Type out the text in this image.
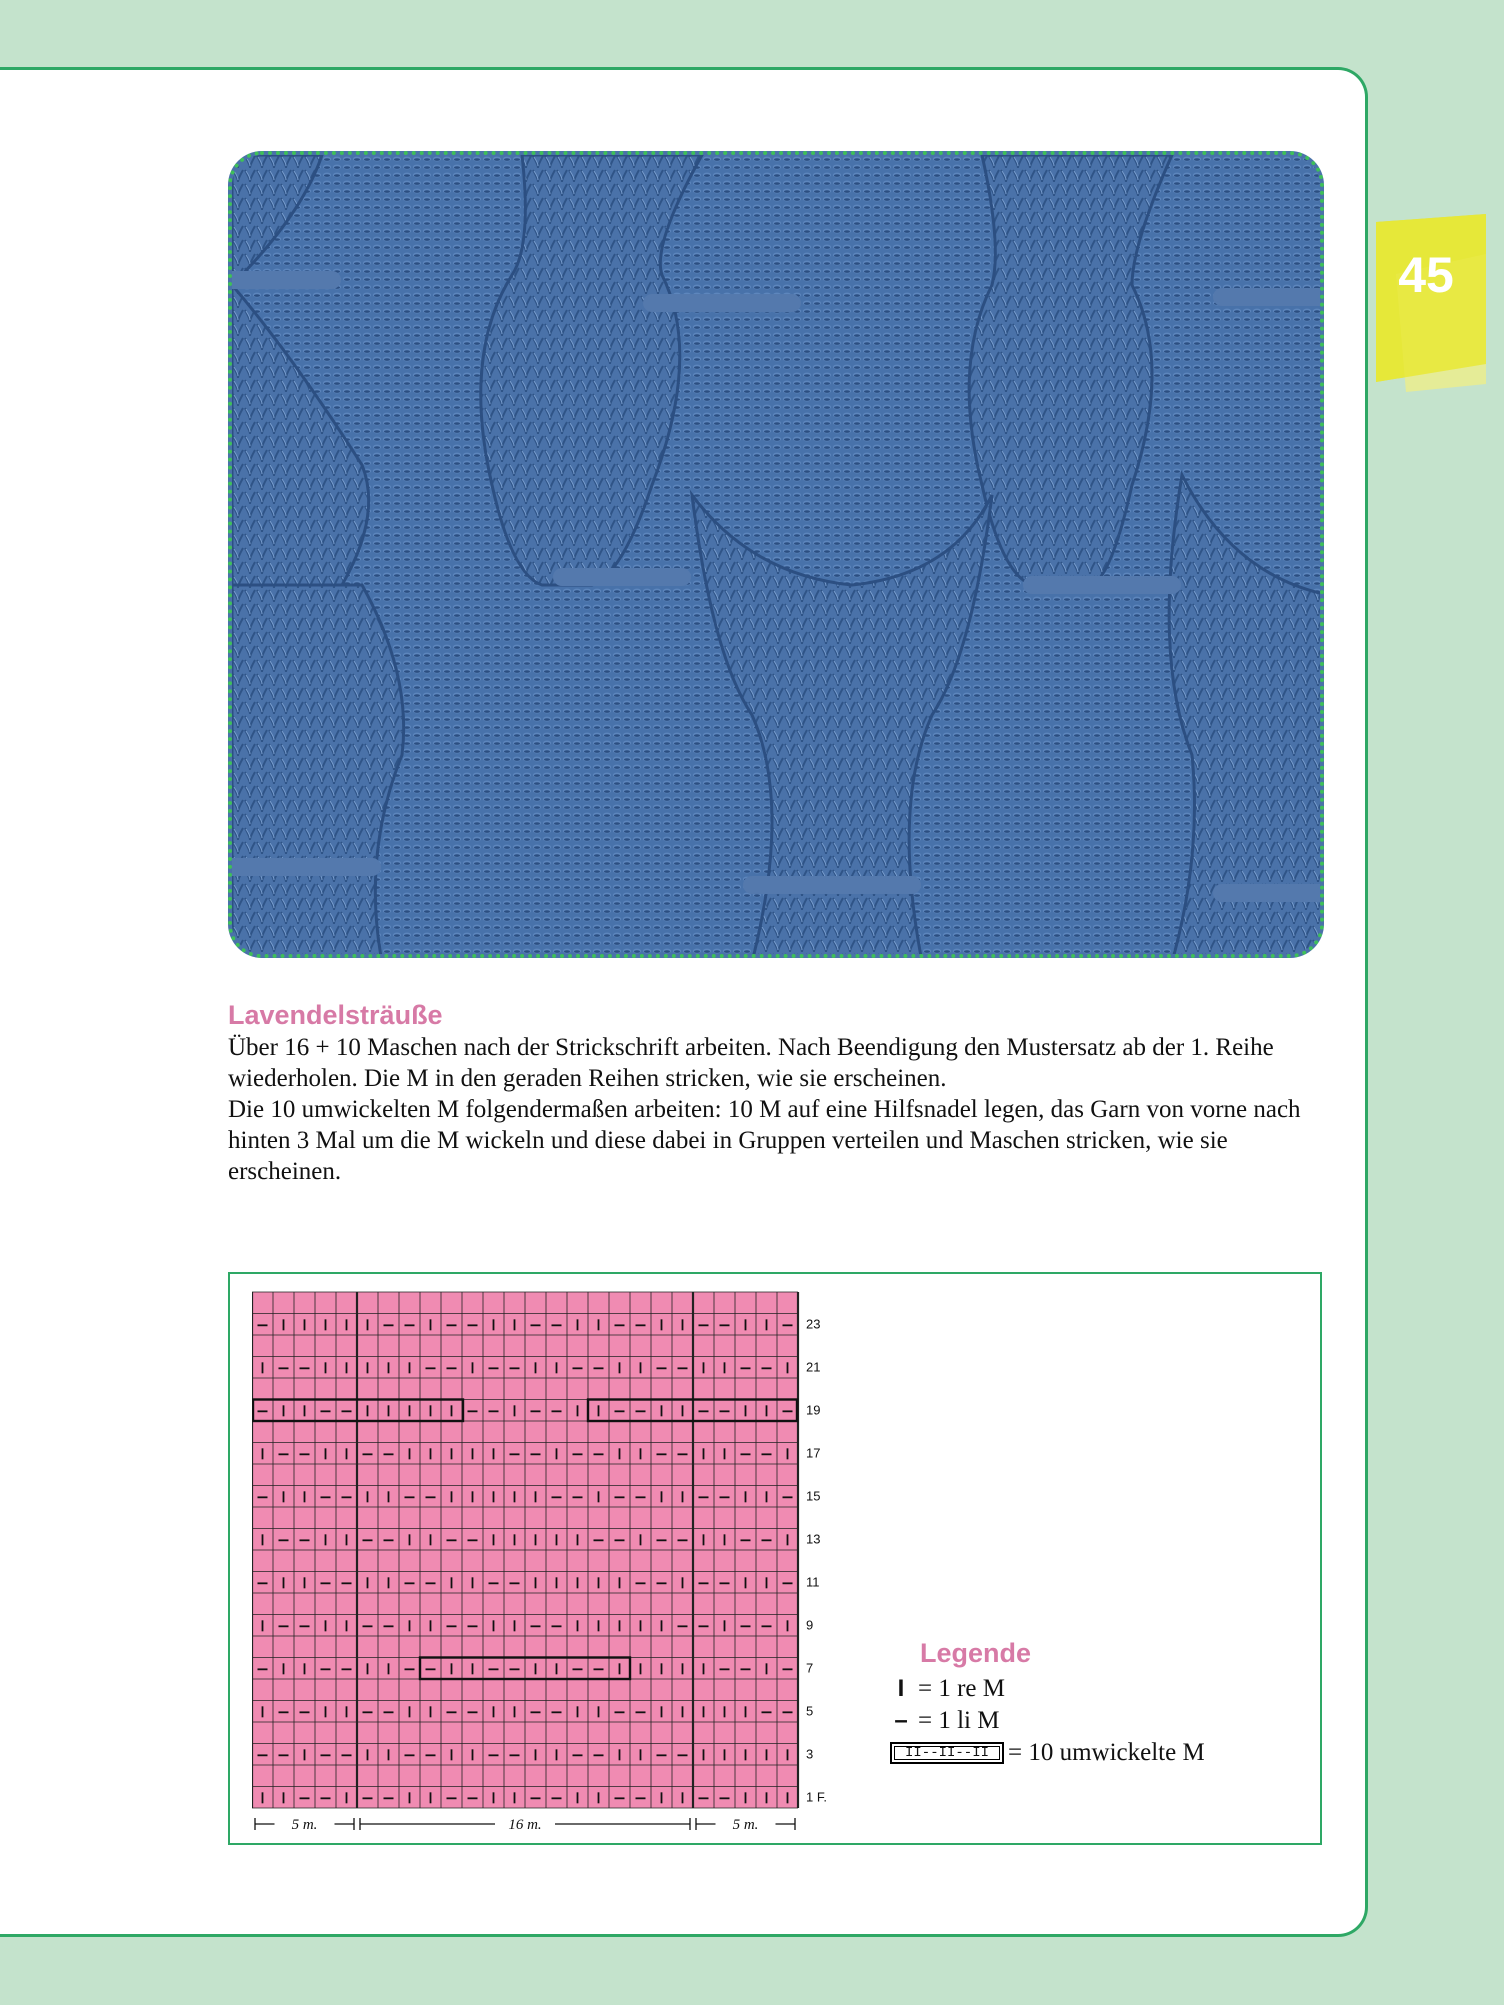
45
Lavendelsträuße

Über 16 + 10 Maschen nach der Strickschrift arbeiten. Nach Beendigung den Mustersatz ab der 1. Reihe wiederholen. Die M in den geraden Reihen stricken, wie sie erscheinen.

Die 10 umwickelten M folgendermaßen arbeiten: 10 M auf eine Hilfsnadel legen, das Garn von vorne nach hinten 3 Mal um die M wickeln und diese dabei in Gruppen verteilen und Maschen stricken, wie sie erscheinen.

23
21
19
17
15
13
11
9
7
5
3
1 F.
5 m.	16 m.	5 m.
Legende
I = 1 re M
– = 1 li M
II--II--II = 10 umwickelte M
